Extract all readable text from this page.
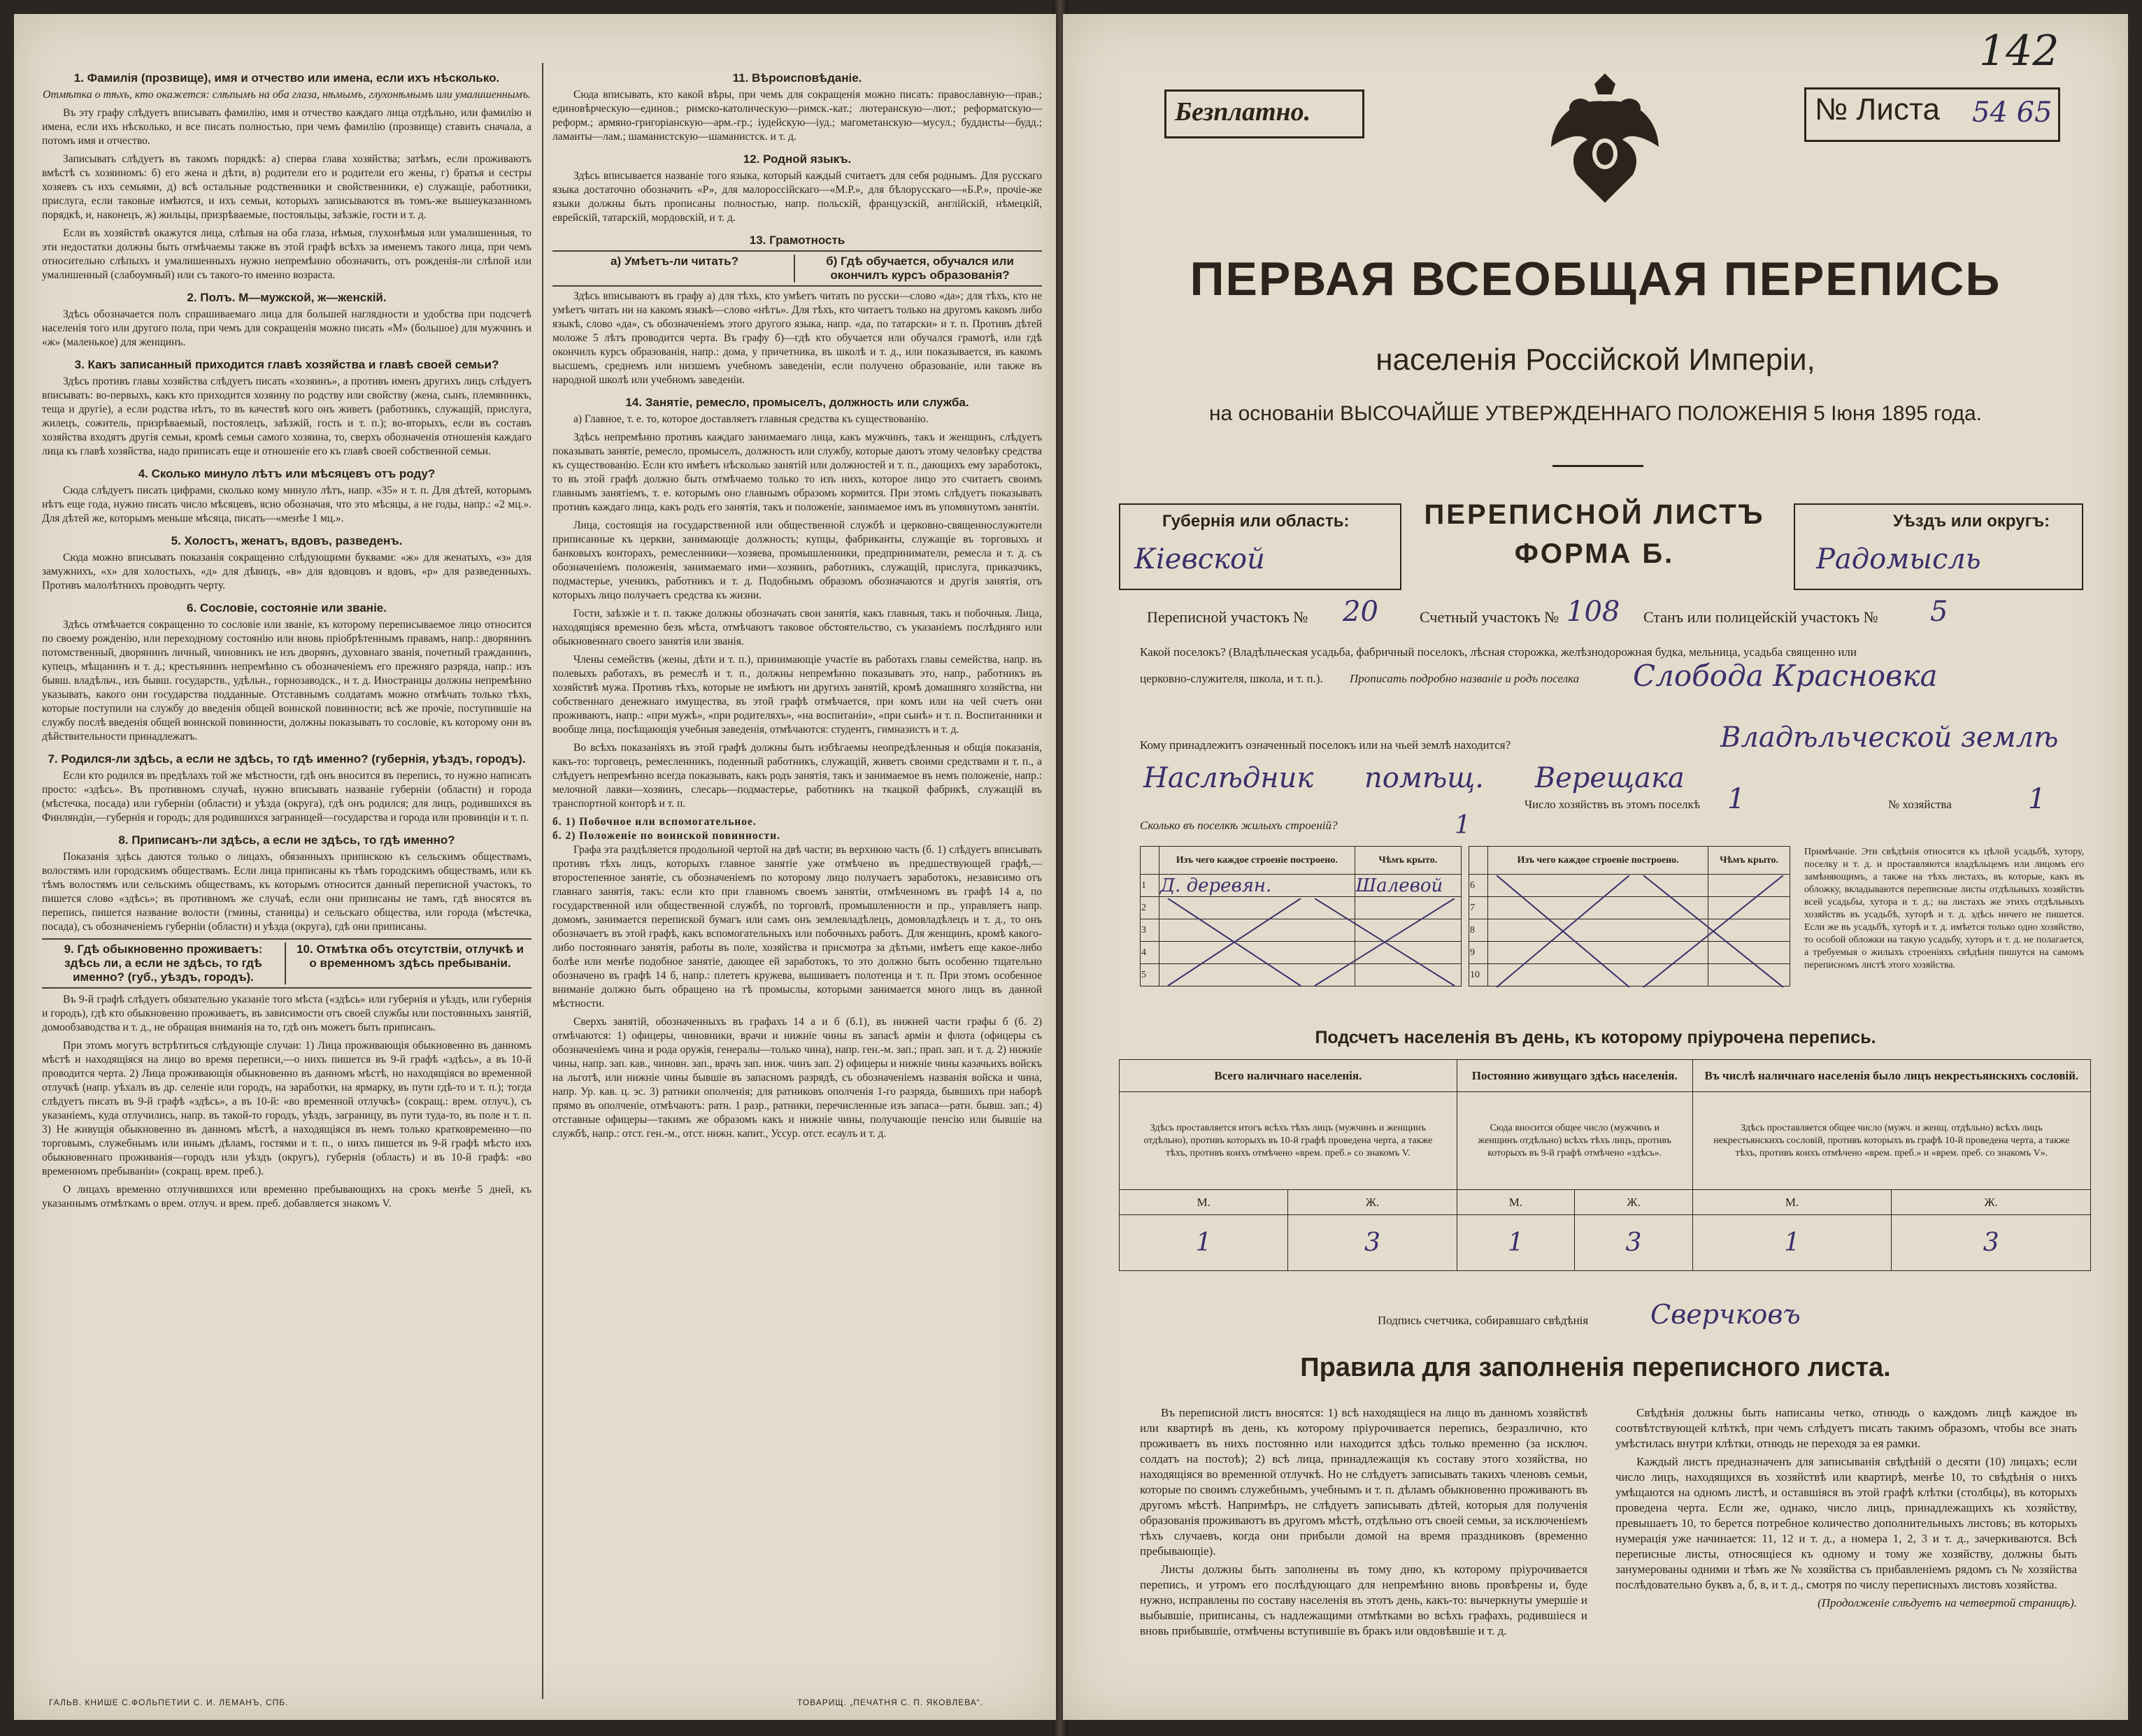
1. Фамилія (прозвище), имя и отчество или имена, если ихъ нѣсколько.
Отмѣтка о тѣхъ, кто окажется: слѣпымъ на оба глаза, нѣмымъ, глухонѣмымъ или умалишеннымъ.

Въ эту графу слѣдуетъ вписывать фамилію, имя и отчество каждаго лица отдѣльно, или фамилію и имена, если ихъ нѣсколько, и все писать полностью, при чемъ фамилію (прозвище) ставить сначала, а потомъ имя и отчество.

Записывать слѣдуетъ въ такомъ порядкѣ: а) сперва глава хозяйства; затѣмъ, если проживаютъ вмѣстѣ съ хозяиномъ: б) его жена и дѣти, в) родители его и родители его жены, г) братья и сестры хозяевъ съ ихъ семьями, д) всѣ остальные родственники и свойственники, е) служащіе, работники, прислуга, если таковые имѣются, и ихъ семьи, которыхъ записываются въ томъ-же вышеуказанномъ порядкѣ, и, наконецъ, ж) жильцы, призрѣваемые, постояльцы, заѣзжіе, гости и т. д.

Если въ хозяйствѣ окажутся лица, слѣпыя на оба глаза, нѣмыя, глухонѣмыя или умалишенныя, то эти недостатки должны быть отмѣчаемы также въ этой графѣ всѣхъ за именемъ такого лица, при чемъ относительно слѣпыхъ и умалишенныхъ нужно непремѣнно обозначить, отъ рожденія-ли слѣпой или умалишенный (слабоумный) или съ такого-то именно возраста.

2. Полъ. М—мужской, ж—женскій.

Здѣсь обозначается полъ спрашиваемаго лица для большей наглядности и удобства при подсчетѣ населенія того или другого пола, при чемъ для сокращенія можно писать «М» (большое) для мужчинъ и «ж» (маленькое) для женщинъ.

3. Какъ записанный приходится главѣ хозяйства и главѣ своей семьи?

Здѣсь противъ главы хозяйства слѣдуетъ писать «хозяинъ», а противъ именъ другихъ лицъ слѣдуетъ вписывать: во-первыхъ, какъ кто приходится хозяину по родству или свойству (жена, сынъ, племянникъ, теща и другіе), а если родства нѣтъ, то въ качествѣ кого онъ живетъ (работникъ, служащій, прислуга, жилецъ, сожитель, призрѣваемый, постоялецъ, заѣзжій, гость и т. п.); во-вторыхъ, если въ составъ хозяйства входятъ другія семьи, кромѣ семьи самого хозяина, то, сверхъ обозначенія отношенія каждаго лица къ главѣ хозяйства, надо приписать еще и отношеніе его къ главѣ своей собственной семьи.

4. Сколько минуло лѣтъ или мѣсяцевъ отъ роду?

Сюда слѣдуетъ писать цифрами, сколько кому минуло лѣтъ, напр. «35» и т. п. Для дѣтей, которымъ нѣтъ еще года, нужно писать число мѣсяцевъ, ясно обозначая, что это мѣсяцы, а не годы, напр.: «2 мц.». Для дѣтей же, которымъ меньше мѣсяца, писать—«менѣе 1 мц.».

5. Холостъ, женатъ, вдовъ, разведенъ.

Сюда можно вписывать показанія сокращенно слѣдующими буквами: «ж» для женатыхъ, «з» для замужнихъ, «х» для холостыхъ, «д» для дѣвицъ, «в» для вдовцовъ и вдовъ, «р» для разведенныхъ. Противъ малолѣтнихъ проводить черту.

6. Сословіе, состояніе или званіе.

Здѣсь отмѣчается сокращенно то сословіе или званіе, къ которому переписываемое лицо относится по своему рожденію, или переходному состоянію или вновь пріобрѣтеннымъ правамъ, напр.: дворянинъ потомственный, дворянинъ личный, чиновникъ не изъ дворянъ, духовнаго званія, почетный гражданинъ, купецъ, мѣщанинъ и т. д.; крестьянинъ непремѣнно съ обозначеніемъ его прежняго разряда, напр.: изъ бывш. владѣльч., изъ бывш. государств., удѣльн., горнозаводск., и т. д. Иностранцы должны непремѣнно указывать, какого они государства подданные. Отставнымъ солдатамъ можно отмѣчать только тѣхъ, которые поступили на службу до введенія общей воинской повинности; всѣ же прочіе, поступившіе на службу послѣ введенія общей воинской повинности, должны показывать то сословіе, къ которому они въ дѣйствительности принадлежатъ.

7. Родился-ли здѣсь, а если не здѣсь, то гдѣ именно? (губернія, уѣздъ, городъ).

Если кто родился въ предѣлахъ той же мѣстности, гдѣ онъ вносится въ перепись, то нужно написать просто: «здѣсь». Въ противномъ случаѣ, нужно вписывать названіе губерніи (области) и города (мѣстечка, посада) или губерніи (области) и уѣзда (округа), гдѣ онъ родился; для лицъ, родившихся въ Финляндіи,—губернія и городъ; для родившихся заграницей—государства и города или провинціи и т. п.

8. Приписанъ-ли здѣсь, а если не здѣсь, то гдѣ именно?

Показанія здѣсь даются только о лицахъ, обязанныхъ припискою къ сельскимъ обществамъ, волостямъ или городскимъ обществамъ. Если лица приписаны къ тѣмъ городскимъ обществамъ, или къ тѣмъ волостямъ или сельскимъ обществамъ, къ которымъ относится данный переписной участокъ, то пишется слово «здѣсь»; въ противномъ же случаѣ, если они приписаны не тамъ, гдѣ вносятся въ перепись, пишется название волости (гмины, станицы) и сельскаго общества, или города (мѣстечка, посада), съ обозначеніемъ губерніи (области) и уѣзда (округа), гдѣ они приписаны.

9. Гдѣ обыкновенно проживаетъ: здѣсь ли, а если не здѣсь, то гдѣ именно? (губ., уѣздъ, городъ).
10. Отмѣтка объ отсутствіи, отлучкѣ и о временномъ здѣсь пребываніи.

Въ 9-й графѣ слѣдуетъ обязательно указаніе того мѣста («здѣсь» или губернія и уѣздъ, или губернія и городъ), гдѣ кто обыкновенно проживаетъ, въ зависимости отъ своей службы или постоянныхъ занятій, домообзаводства и т. д., не обращая вниманія на то, гдѣ онъ можетъ быть приписанъ.

При этомъ могутъ встрѣтиться слѣдующіе случаи: 1) Лица проживающія обыкновенно въ данномъ мѣстѣ и находящіяся на лицо во время переписи,—о нихъ пишется въ 9-й графѣ «здѣсь», а въ 10-й проводится черта. 2) Лица проживающія обыкновенно въ данномъ мѣстѣ, но находящіяся во временной отлучкѣ (напр. уѣхалъ въ др. селеніе или городъ, на заработки, на ярмарку, въ пути гдѣ-то и т. п.); тогда слѣдуетъ писать въ 9-й графѣ «здѣсь», а въ 10-й: «во временной отлучкѣ» (сокращ.: врем. отлуч.), съ указаніемъ, куда отлучились, напр. въ такой-то городъ, уѣздъ, заграницу, въ пути туда-то, въ поле и т. п. 3) Не живущія обыкновенно въ данномъ мѣстѣ, а находящіяся въ немъ только кратковременно—по торговымъ, служебнымъ или инымъ дѣламъ, гостями и т. п., о нихъ пишется въ 9-й графѣ мѣсто ихъ обыкновеннаго проживанія—городъ или уѣздъ (округъ), губернія (область) и въ 10-й графѣ: «во временномъ пребываніи» (сокращ. врем. преб.).

О лицахъ временно отлучившихся или временно пребывающихъ на срокъ менѣе 5 дней, къ указаннымъ отмѣткамъ о врем. отлуч. и врем. преб. добавляется знакомъ V.

ГАЛЬВ. КНИШЕ С.ФОЛЬПЕТИИ С. И. ЛЕМАНЪ, СПБ.
11. Вѣроисповѣданіе.

Сюда вписывать, кто какой вѣры, при чемъ для сокращенія можно писать: православную—прав.; единовѣрческую—единов.; римско-католическую—римск.-кат.; лютеранскую—лют.; реформатскую—реформ.; армяно-григоріанскую—арм.-гр.; іудейскую—іуд.; магометанскую—мусул.; буддисты—будд.; ламаиты—лам.; шаманистскую—шаманистск. и т. д.

12. Родной языкъ.

Здѣсь вписывается названіе того языка, который каждый считаетъ для себя роднымъ. Для русскаго языка достаточно обозначить «Р», для малороссійскаго—«М.Р.», для бѣлорусскаго—«Б.Р.», прочіе-же языки должны быть прописаны полностью, напр. польскій, французскій, англійскій, нѣмецкій, еврейскій, татарскій, мордовскій, и т. д.

13. Грамотность
а) Умѣетъ-ли читать?	б) Гдѣ обучается, обучался или окончилъ курсъ образованія?

Здѣсь вписываютъ въ графу а) для тѣхъ, кто умѣетъ читать по русски—слово «да»; для тѣхъ, кто не умѣетъ читать ни на какомъ языкѣ—слово «нѣтъ». Для тѣхъ, кто читаетъ только на другомъ какомъ либо языкѣ, слово «да», съ обозначеніемъ этого другого языка, напр. «да, по татарски» и т. п. Противъ дѣтей моложе 5 лѣтъ проводится черта. Въ графу б)—гдѣ кто обучается или обучался грамотѣ, или гдѣ окончилъ курсъ образованія, напр.: дома, у причетника, въ школѣ и т. д., или показывается, въ какомъ высшемъ, среднемъ или низшемъ учебномъ заведеніи, если получено образованіе, или также въ народной школѣ или учебномъ заведеніи.

14. Занятіе, ремесло, промыселъ, должность или служба.

а) Главное, т. е. то, которое доставляетъ главныя средства къ существованію.

Здѣсь непремѣнно противъ каждаго занимаемаго лица, какъ мужчинъ, такъ и женщинъ, слѣдуетъ показывать занятіе, ремесло, промыселъ, должность или службу, которые даютъ этому человѣку средства къ существованію. Если кто имѣетъ нѣсколько занятій или должностей и т. п., дающихъ ему заработокъ, то въ этой графѣ должно быть отмѣчаемо только то изъ нихъ, которое лицо это считаетъ своимъ главнымъ занятіемъ, т. е. которымъ оно главнымъ образомъ кормится. При этомъ слѣдуетъ показывать противъ каждаго лица, какъ родъ его занятія, такъ и положеніе, занимаемое имъ въ упомянутомъ занятіи.

Лица, состоящія на государственной или общественной службѣ и церковно-священнослужители приписанные къ церкви, занимающіе должность; купцы, фабриканты, служащіе въ торговыхъ и банковыхъ конторахъ, ремесленники—хозяева, промышленники, предприниматели, ремесла и т. д. съ обозначеніемъ положенія, занимаемаго ими—хозяинъ, работникъ, служащій, прислуга, приказчикъ, подмастерье, ученикъ, работникъ и т. д. Подобнымъ образомъ обозначаются и другія занятія, отъ которыхъ лицо получаетъ средства къ жизни.

Гости, заѣзжіе и т. п. также должны обозначать свои занятія, какъ главныя, такъ и побочныя. Лица, находящіяся временно безъ мѣста, отмѣчаютъ таковое обстоятельство, съ указаніемъ послѣдняго или обыкновеннаго своего занятія или званія.

Члены семействъ (жены, дѣти и т. п.), принимающіе участіе въ работахъ главы семейства, напр. въ полевыхъ работахъ, въ ремеслѣ и т. п., должны непремѣнно показывать это, напр., работникъ въ хозяйствѣ мужа. Противъ тѣхъ, которые не имѣютъ ни другихъ занятій, кромѣ домашняго хозяйства, ни собственнаго денежнаго имущества, въ этой графѣ отмѣчается, при комъ или на чей счетъ они проживаютъ, напр.: «при мужѣ», «при родителяхъ», «на воспитаніи», «при сынѣ» и т. п. Воспитанники и вообще лица, посѣщающія учебныя заведенія, отмѣчаются: студентъ, гимназистъ и т. д.

Во всѣхъ показаніяхъ въ этой графѣ должны быть избѣгаемы неопредѣленныя и общія показанія, какъ-то: торговецъ, ремесленникъ, поденный работникъ, служащій, живетъ своими средствами и т. п., а слѣдуетъ непремѣнно всегда показывать, какъ родъ занятія, такъ и занимаемое въ немъ положеніе, напр.: мелочной лавки—хозяинъ, слесарь—подмастерье, работникъ на ткацкой фабрикѣ, служащій въ транспортной конторѣ и т. п.

б. 1) Побочное или вспомогательное.
б. 2) Положеніе по воинской повинности.

Графа эта раздѣляется продольной чертой на двѣ части; въ верхнюю часть (б. 1) слѣдуетъ вписывать противъ тѣхъ лицъ, которыхъ главное занятіе уже отмѣчено въ предшествующей графѣ,—второстепенное занятіе, съ обозначеніемъ по которому лицо получаетъ заработокъ, независимо отъ главнаго занятія, такъ: если кто при главномъ своемъ занятіи, отмѣченномъ въ графѣ 14 а, по государственной или общественной службѣ, по торговлѣ, промышленности и пр., управляетъ напр. домомъ, занимается перепиской бумагъ или самъ онъ землевладѣлецъ, домовладѣлецъ и т. д., то онъ обозначаетъ въ этой графѣ, какъ вспомогательныхъ или побочныхъ работъ. Для женщинъ, кромѣ какого-либо постояннаго занятія, работы въ поле, хозяйства и присмотра за дѣтьми, имѣетъ еще какое-либо болѣе или менѣе подобное занятіе, дающее ей заработокъ, то это должно быть особенно тщательно обозначено въ графѣ 14 б, напр.: плететъ кружева, вышиваетъ полотенца и т. п. При этомъ особенное вниманіе должно быть обращено на тѣ промыслы, которыми занимается много лицъ въ данной мѣстности.

Сверхъ занятій, обозначенныхъ въ графахъ 14 а и б (б.1), въ нижней части графы б (б. 2) отмѣчаются: 1) офицеры, чиновники, врачи и нижніе чины въ запасѣ арміи и флота (офицеры съ обозначеніемъ чина и рода оружія, генералы—только чина), напр. ген.-м. зап.; прап. зап. и т. д. 2) нижніе чины, напр. зап. кав., чиновн. зап., врачъ зап. ниж. чинъ зап. 2) офицеры и нижніе чины казачьихъ войскъ на льготѣ, или нижніе чины бывшіе въ запасномъ разрядѣ, съ обозначеніемъ названія войска и чина, напр. Ур. кав. ц. эс. 3) ратники ополченія; для ратниковъ ополченія 1-го разряда, бывшихъ при наборѣ прямо въ ополченіе, отмѣчаютъ: ратн. 1 разр., ратники, перечисленные изъ запаса—ратн. бывш. зап.; 4) отставные офицеры—такимъ же образомъ какъ и нижніе чины, получающіе пенсію или бывшіе на службѣ, напр.: отст. ген.-м., отст. нижн. капит., Уссур. отст. есаулъ и т. д.

ТОВАРИЩ. „ПЕЧАТНЯ С. П. ЯКОВЛЕВА“.
142
Безплатно.	№ Листа 54 65
ПЕРВАЯ ВСЕОБЩАЯ ПЕРЕПИСЬ
населенія Россійской Имперіи,
на основаніи ВЫСОЧАЙШЕ УТВЕРЖДЕННАГО ПОЛОЖЕНІЯ 5 Іюня 1895 года.
Губернія или область:
Кіевской
ПЕРЕПИСНОЙ ЛИСТЪ
ФОРМА Б.
Уѣздъ или округъ:
Радомысль
Переписной участокъ № 20	Счетный участокъ № 108 Станъ или полицейскій участокъ № 5
Какой поселокъ? (Владѣльческая усадьба, фабричный поселокъ, лѣсная сторожка, желѣзнодорожная будка, мельница, усадьба священно или
церковно-служителя, школа, и т. п.). Прописать подробно названіе и родъ поселка Слобода Красновка
Кому принадлежитъ означенный поселокъ или на чьей землѣ находится?	Владѣльческой землѣ
Наслѣдник помѣщ. Верещака
Число хозяйствъ въ этомъ поселкѣ 1	№ хозяйства	1
Сколько въ поселкѣ жилыхъ строеній?	1
	Изъ чего каждое строеніе построено.	Чѣмъ крыто.
1	Д. деревян.	Шалевой
2		
3		
4		
5		
	Изъ чего каждое строеніе построено.	Чѣмъ крыто.
6		
7		
8		
9		
10		
Примѣчаніе. Эти свѣдѣнія относятся къ цѣлой усадьбѣ, хутору, поселку и т. д. и проставляются владѣльцемъ или лицомъ его замѣняющимъ, а также на тѣхъ листахъ, въ которые, какъ въ обложку, вкладываются переписные листы отдѣльныхъ хозяйствъ всей усадьбы, хутора и т. д.; на листахъ же этихъ отдѣльныхъ хозяйствъ въ усадьбѣ, хуторѣ и т. д. здѣсь ничего не пишется. Если же въ усадьбѣ, хуторѣ и т. д. имѣется только одно хозяйство, то особой обложки на такую усадьбу, хуторъ и т. д. не полагается, а требуемыя о жилыхъ строеніяхъ свѣдѣнія пишутся на самомъ переписномъ листѣ этого хозяйства.
Подсчетъ населенія въ день, къ которому пріурочена перепись.
Всего наличнаго населенія.		Постоянно живущаго здѣсь населенія.		Въ числѣ наличнаго населенія было лицъ некрестьянскихъ сословій.	
Здѣсь проставляется итогъ всѣхъ тѣхъ лицъ (мужчинъ и женщинъ отдѣльно), противъ которыхъ въ 10-й графѣ проведена черта, а также тѣхъ, противъ коихъ отмѣчено «врем. преб.» со знакомъ V.		Сюда вносится общее число (мужчинъ и женщинъ отдѣльно) всѣхъ тѣхъ лицъ, противъ которыхъ въ 9-й графѣ отмѣчено «здѣсь».		Здѣсь проставляется общее число (мужч. и женщ. отдѣльно) всѣхъ лицъ некрестьянскихъ сословій, противъ которыхъ въ графѣ 10-й проведена черта, а также тѣхъ, противъ коихъ отмѣчено «врем. преб.» и «врем. преб. со знакомъ V».	
М.	Ж.	М.	Ж.	М.	Ж.
1	3	1	3	1	3
Подпись счетчика, собиравшаго свѣдѣнія Сверчковъ
Правила для заполненія переписного листа.

Въ переписной листъ вносятся: 1) всѣ находящіеся на лицо въ данномъ хозяйствѣ или квартирѣ въ день, къ которому пріурочивается перепись, безразлично, кто проживаетъ въ нихъ постоянно или находится здѣсь только временно (за исключ. солдатъ на постоѣ); 2) всѣ лица, принадлежащія къ составу этого хозяйства, но находящіяся во временной отлучкѣ. Но не слѣдуетъ записывать такихъ членовъ семьи, которые по своимъ служебнымъ, учебнымъ и т. п. дѣламъ обыкновенно проживаютъ въ другомъ мѣстѣ. Напримѣръ, не слѣдуетъ записывать дѣтей, которыя для полученія образованія проживаютъ въ другомъ мѣстѣ, отдѣльно отъ своей семьи, за исключеніемъ тѣхъ случаевъ, когда они прибыли домой на время праздниковъ (временно пребывающіе).

Листы должны быть заполнены въ тому дню, къ которому пріурочивается перепись, и утромъ его послѣдующаго для непремѣнно вновь провѣрены и, буде нужно, исправлены по составу населенія въ этотъ день, какъ-то: вычеркнуты умершіе и выбывшіе, приписаны, съ надлежащими отмѣтками во всѣхъ графахъ, родившіеся и вновь прибывшіе, отмѣчены вступившіе въ бракъ или овдовѣвшіе и т. д.

Свѣдѣнія должны быть написаны четко, отнюдь о каждомъ лицѣ каждое въ соотвѣтствующей клѣткѣ, при чемъ слѣдуетъ писать такимъ образомъ, чтобы все знать умѣстилась внутри клѣтки, отнюдь не переходя за ея рамки.

Каждый листъ предназначенъ для записыванія свѣдѣній о десяти (10) лицахъ; если число лицъ, находящихся въ хозяйствѣ или квартирѣ, менѣе 10, то свѣдѣнія о нихъ умѣщаются на одномъ листѣ, и оставшіяся въ этой графѣ клѣтки (столбцы), въ которыхъ проведена черта. Если же, однако, число лицъ, принадлежащихъ къ хозяйству, превышаетъ 10, то берется потребное количество дополнительныхъ листовъ; въ которыхъ нумерація уже начинается: 11, 12 и т. д., а номера 1, 2, 3 и т. д., зачеркиваются. Всѣ переписные листы, относящіеся къ одному и тому же хозяйству, должны быть занумерованы одними и тѣмъ же № хозяйства съ прибавленіемъ рядомъ съ № хозяйства послѣдовательно буквъ а, б, в, и т. д., смотря по числу переписныхъ листовъ хозяйства.

(Продолженіе слѣдуетъ на четвертой страницѣ).
